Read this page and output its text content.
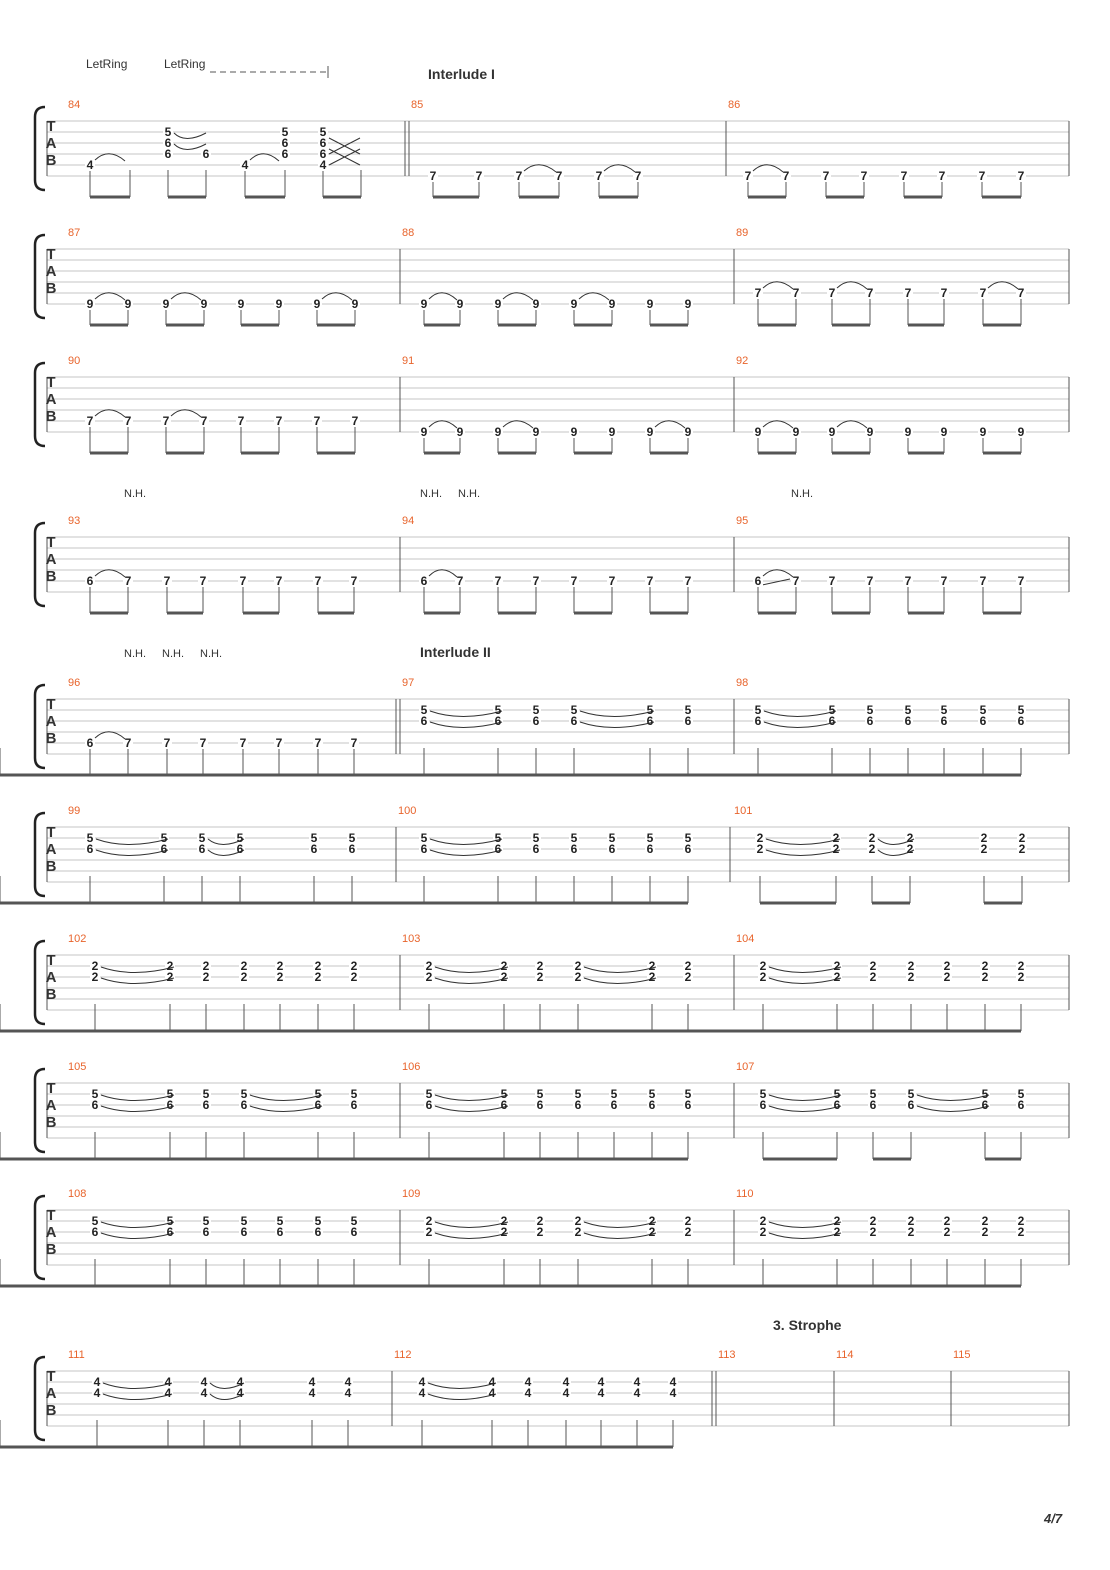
LetRing	LetRing
Interlude I
Interlude II
3. Strophe
N.H.	N.H. N.H.	N.H.
N.H. N.H. N.H.
4/7
T
A
B
84	85	86
4
5
6
6	6
4
5
6
6
5
6
6
4
7	7	7	7	7	7	7	7	7	7	7	7	7	7
T
A
B
87	88	89
9	9	9	9	9	9	9	9	9 9	9	9	9	9	9	9
7	7 7	7	7 7	7	7
T
A
B
90	91	92
7	7	7	7	7	7	7	7
9 9	9	9	9	9	9	9	9	9 9	9	9 9	9	9
T
A
B
93	94	95
6	7	7 7	7 7	7 7	6 7	7	7	7	7	7	7	6	7 7	7	7 7	7	7
T
A
B
96	97	98
6	7	7 7	7 7	7 7
5
6
5
6
5
6
5
6
5
6
5
6
5
6
5
6
5
6
5
6
5
6
5
6
5
6
T
A
B
99	100	101
5
6
5
6
5
6
5
6
5
6
5
6
5
6
5
6
5
6
5
6
5
6
5
6
5
6
2
2
2
2
2
2
2
2
2
2
2
2
T
A
B
102	103	104
2
2
2
2
2
2
2
2
2
2
2
2
2
2
2
2
2
2
2
2
2
2
2
2
2
2
2
2
2
2
2
2
2
2
2
2
2
2
2
2
T
A
B
105	106	107
5
6
5
6
5
6
5
6
5
6
5
6
5
6
5
6
5
6
5
6
5
6
5
6
5
6
5
6
5
6
5
6
5
6
5
6
5
6
T
A
B
108	109	110
5
6
5
6
5
6
5
6
5
6
5
6
5
6
2
2
2
2
2
2
2
2
2
2
2
2
2
2
2
2
2
2
2
2
2
2
2
2
2
2
T
A
B
111	112	113	114	115
4
4
4
4
4
4
4
4
4
4
4
4
4
4
4
4
4
4
4
4
4
4
4
4
4
4
